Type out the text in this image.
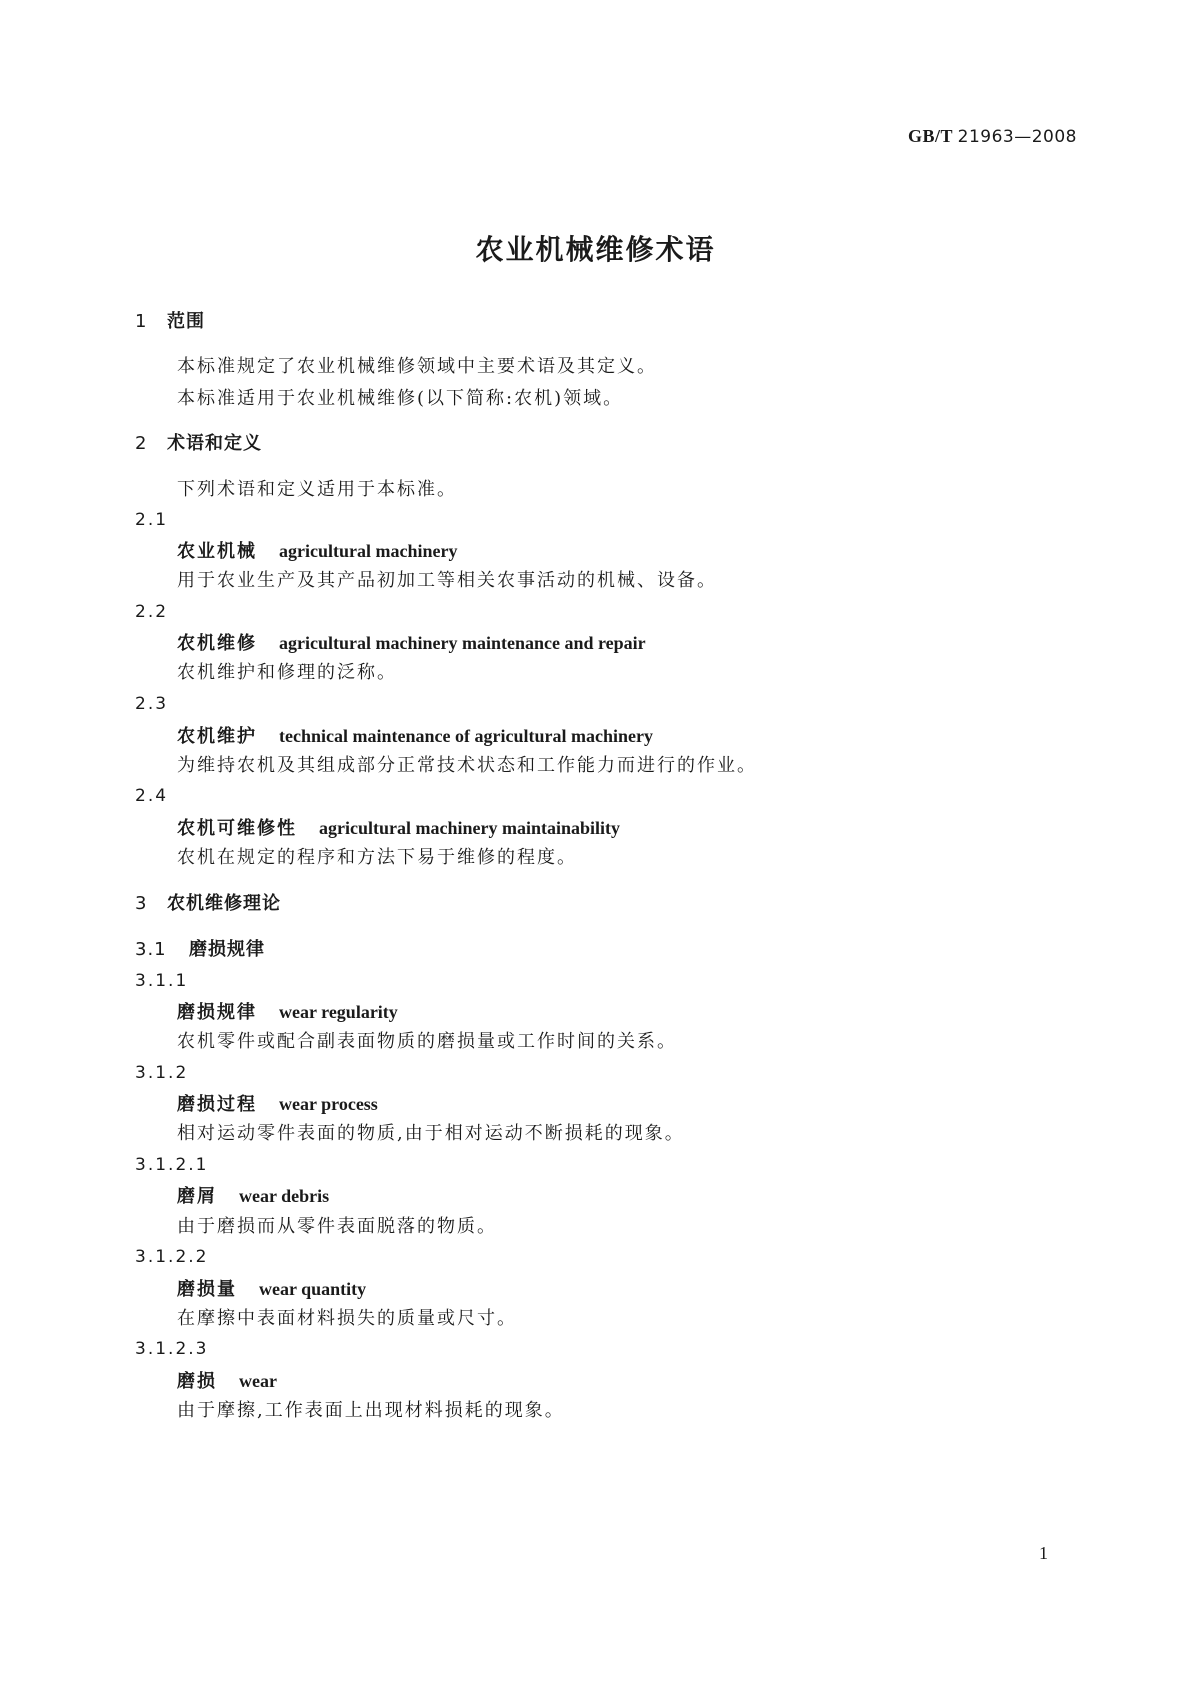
GB/T 21963—2008
农业机械维修术语
1 范围
本标准规定了农业机械维修领域中主要术语及其定义。
本标准适用于农业机械维修(以下简称:农机)领域。
2 术语和定义
下列术语和定义适用于本标准。
2.1
农业机械 agricultural machinery
用于农业生产及其产品初加工等相关农事活动的机械、设备。
2.2
农机维修 agricultural machinery maintenance and repair
农机维护和修理的泛称。
2.3
农机维护 technical maintenance of agricultural machinery
为维持农机及其组成部分正常技术状态和工作能力而进行的作业。
2.4
农机可维修性 agricultural machinery maintainability
农机在规定的程序和方法下易于维修的程度。
3 农机维修理论
3.1 磨损规律
3.1.1
磨损规律 wear regularity
农机零件或配合副表面物质的磨损量或工作时间的关系。
3.1.2
磨损过程 wear process
相对运动零件表面的物质,由于相对运动不断损耗的现象。
3.1.2.1
磨屑 wear debris
由于磨损而从零件表面脱落的物质。
3.1.2.2
磨损量 wear quantity
在摩擦中表面材料损失的质量或尺寸。
3.1.2.3
磨损 wear
由于摩擦,工作表面上出现材料损耗的现象。
1
